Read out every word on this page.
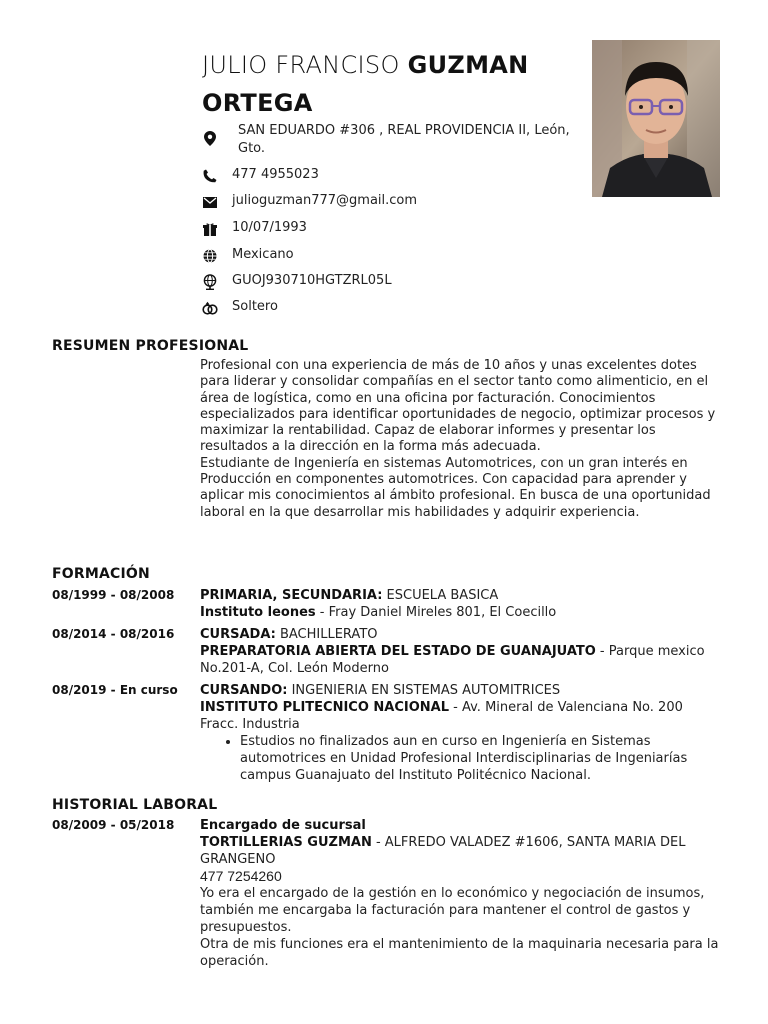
JULIO FRANCISO GUZMAN
ORTEGA
SAN EDUARDO #306 , REAL PROVIDENCIA II, León, Gto.
477 4955023
julioguzman777@gmail.com
10/07/1993
Mexicano
GUOJ930710HGTZRL05L
Soltero
RESUMEN PROFESIONAL
Profesional con una experiencia de más de 10 años y unas excelentes dotes para liderar y consolidar compañías en el sector tanto como alimenticio, en el área de logística, como en una oficina por facturación. Conocimientos especializados para identificar oportunidades de negocio, optimizar procesos y maximizar la rentabilidad. Capaz de elaborar informes y presentar los resultados a la dirección en la forma más adecuada.
Estudiante de Ingeniería en sistemas Automotrices, con un gran interés en Producción en componentes automotrices. Con capacidad para aprender y aplicar mis conocimientos al ámbito profesional. En busca de una oportunidad laboral en la que desarrollar mis habilidades y adquirir experiencia.
FORMACIÓN
08/1999 - 08/2008 PRIMARIA, SECUNDARIA: ESCUELA BASICA
Instituto leones - Fray Daniel Mireles 801, El Coecillo
08/2014 - 08/2016 CURSADA: BACHILLERATO
PREPARATORIA ABIERTA DEL ESTADO DE GUANAJUATO - Parque mexico No.201-A, Col. León Moderno
08/2019 - En curso CURSANDO: INGENIERIA EN SISTEMAS AUTOMITRICES
INSTITUTO PLITECNICO NACIONAL - Av. Mineral de Valenciana No. 200 Fracc. Industria
• Estudios no finalizados aun en curso en Ingeniería en Sistemas automotrices en Unidad Profesional Interdisciplinarias de Ingeniarías campus Guanajuato del Instituto Politécnico Nacional.
HISTORIAL LABORAL
08/2009 - 05/2018 Encargado de sucursal
TORTILLERIAS GUZMAN - ALFREDO VALADEZ #1606, SANTA MARIA DEL GRANGENO
477 7254260
Yo era el encargado de la gestión en lo económico y negociación de insumos, también me encargaba la facturación para mantener el control de gastos y presupuestos.
Otra de mis funciones era el mantenimiento de la maquinaria necesaria para la operación.
